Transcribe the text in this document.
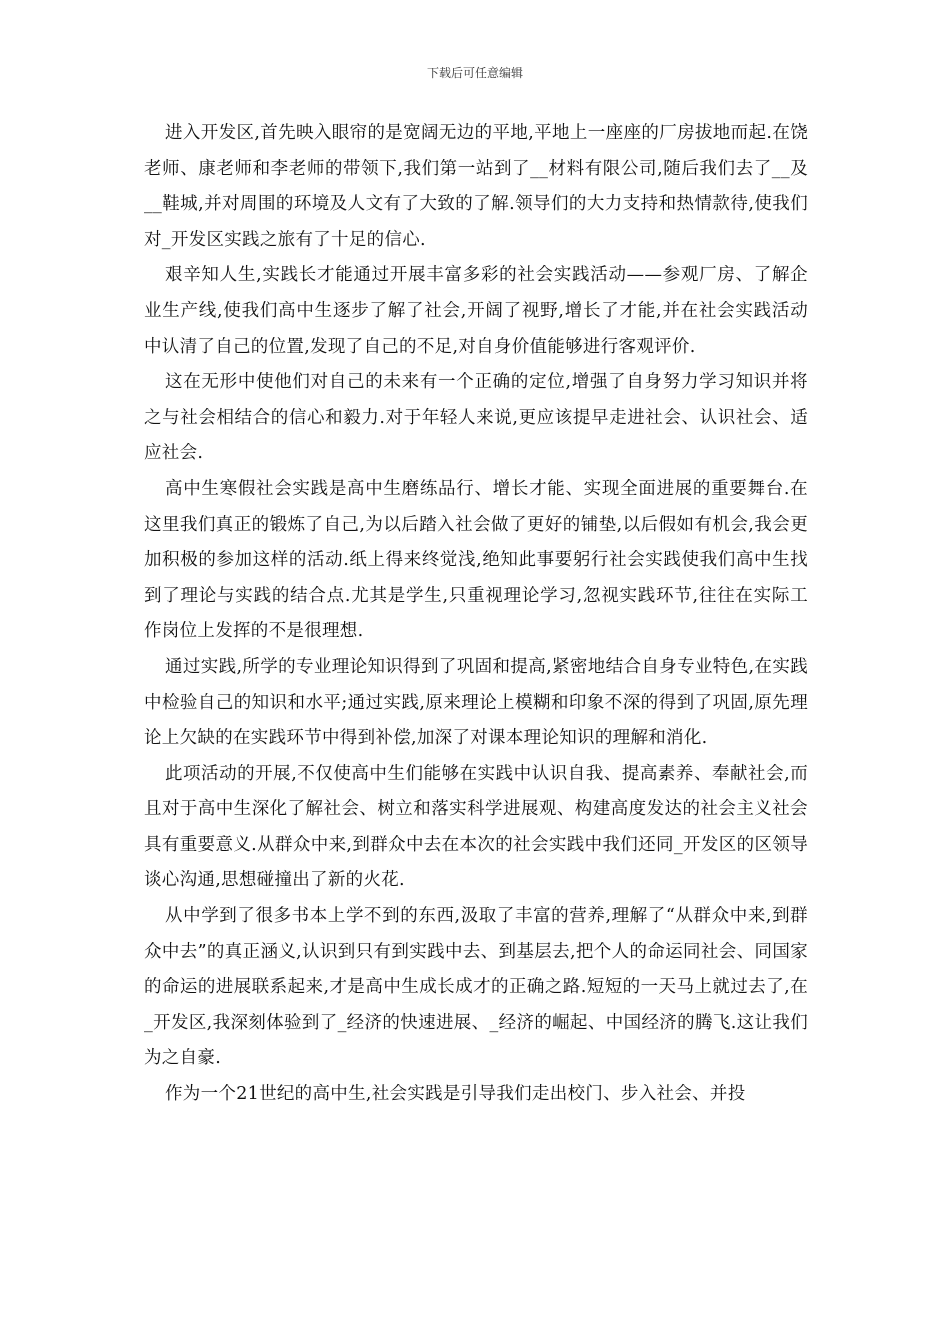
下载后可任意编辑

进入开发区,首先映入眼帘的是宽阔无边的平地,平地上一座座的厂房拔地而起.在饶老师、康老师和李老师的带领下,我们第一站到了__材料有限公司,随后我们去了__及__鞋城,并对周围的环境及人文有了大致的了解.领导们的大力支持和热情款待,使我们对_开发区实践之旅有了十足的信心.

艰辛知人生,实践长才能通过开展丰富多彩的社会实践活动——参观厂房、了解企业生产线,使我们高中生逐步了解了社会,开阔了视野,增长了才能,并在社会实践活动中认清了自己的位置,发现了自己的不足,对自身价值能够进行客观评价.

这在无形中使他们对自己的未来有一个正确的定位,增强了自身努力学习知识并将之与社会相结合的信心和毅力.对于年轻人来说,更应该提早走进社会、认识社会、适应社会.

高中生寒假社会实践是高中生磨练品行、增长才能、实现全面进展的重要舞台.在这里我们真正的锻炼了自己,为以后踏入社会做了更好的铺垫,以后假如有机会,我会更加积极的参加这样的活动.纸上得来终觉浅,绝知此事要躬行社会实践使我们高中生找到了理论与实践的结合点.尤其是学生,只重视理论学习,忽视实践环节,往往在实际工作岗位上发挥的不是很理想.

通过实践,所学的专业理论知识得到了巩固和提高,紧密地结合自身专业特色,在实践中检验自己的知识和水平;通过实践,原来理论上模糊和印象不深的得到了巩固,原先理论上欠缺的在实践环节中得到补偿,加深了对课本理论知识的理解和消化.

此项活动的开展,不仅使高中生们能够在实践中认识自我、提高素养、奉献社会,而且对于高中生深化了解社会、树立和落实科学进展观、构建高度发达的社会主义社会具有重要意义.从群众中来,到群众中去在本次的社会实践中我们还同_开发区的区领导谈心沟通,思想碰撞出了新的火花.

从中学到了很多书本上学不到的东西,汲取了丰富的营养,理解了“从群众中来,到群众中去”的真正涵义,认识到只有到实践中去、到基层去,把个人的命运同社会、同国家的命运的进展联系起来,才是高中生成长成才的正确之路.短短的一天马上就过去了,在_开发区,我深刻体验到了_经济的快速进展、_经济的崛起、中国经济的腾飞.这让我们为之自豪.

作为一个21世纪的高中生,社会实践是引导我们走出校门、步入社会、并投
